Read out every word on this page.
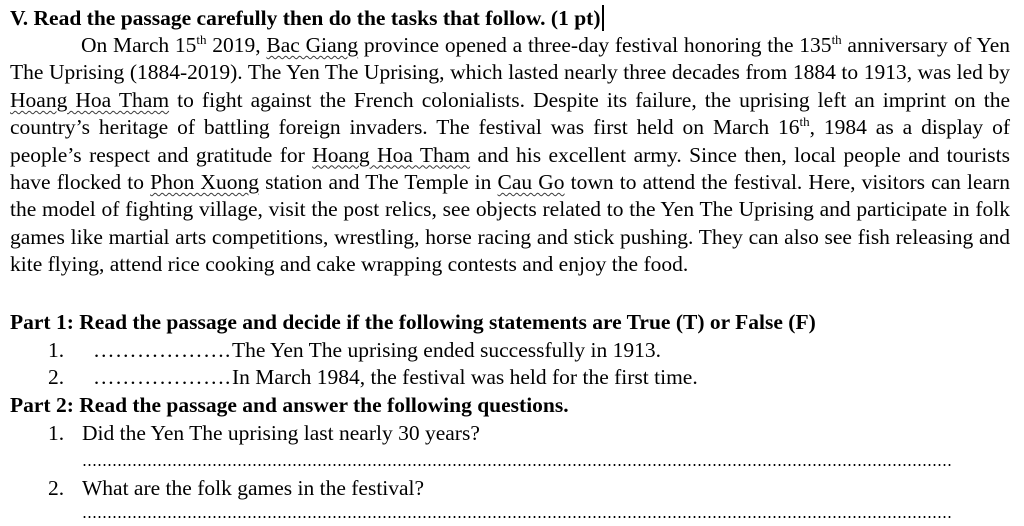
V. Read the passage carefully then do the tasks that follow. (1 pt)

On March 15th 2019, Bac Giang province opened a three-day festival honoring the 135th anniversary of Yen The Uprising (1884-2019). The Yen The Uprising, which lasted nearly three decades from 1884 to 1913, was led by Hoang Hoa Tham to fight against the French colonialists. Despite its failure, the uprising left an imprint on the country’s heritage of battling foreign invaders. The festival was first held on March 16th, 1984 as a display of people’s respect and gratitude for Hoang Hoa Tham and his excellent army. Since then, local people and tourists have flocked to Phon Xuong station and The Temple in Cau Go town to attend the festival. Here, visitors can learn the model of fighting village, visit the post relics, see objects related to the Yen The Uprising and participate in folk games like martial arts competitions, wrestling, horse racing and stick pushing. They can also see fish releasing and kite flying, attend rice cooking and cake wrapping contests and enjoy the food.

Part 1: Read the passage and decide if the following statements are True (T) or False (F)
1. ………………. The Yen The uprising ended successfully in 1913.
2. ………………. In March 1984, the festival was held for the first time.
Part 2: Read the passage and answer the following questions.
1. Did the Yen The uprising last nearly 30 years?
2. What are the folk games in the festival?
